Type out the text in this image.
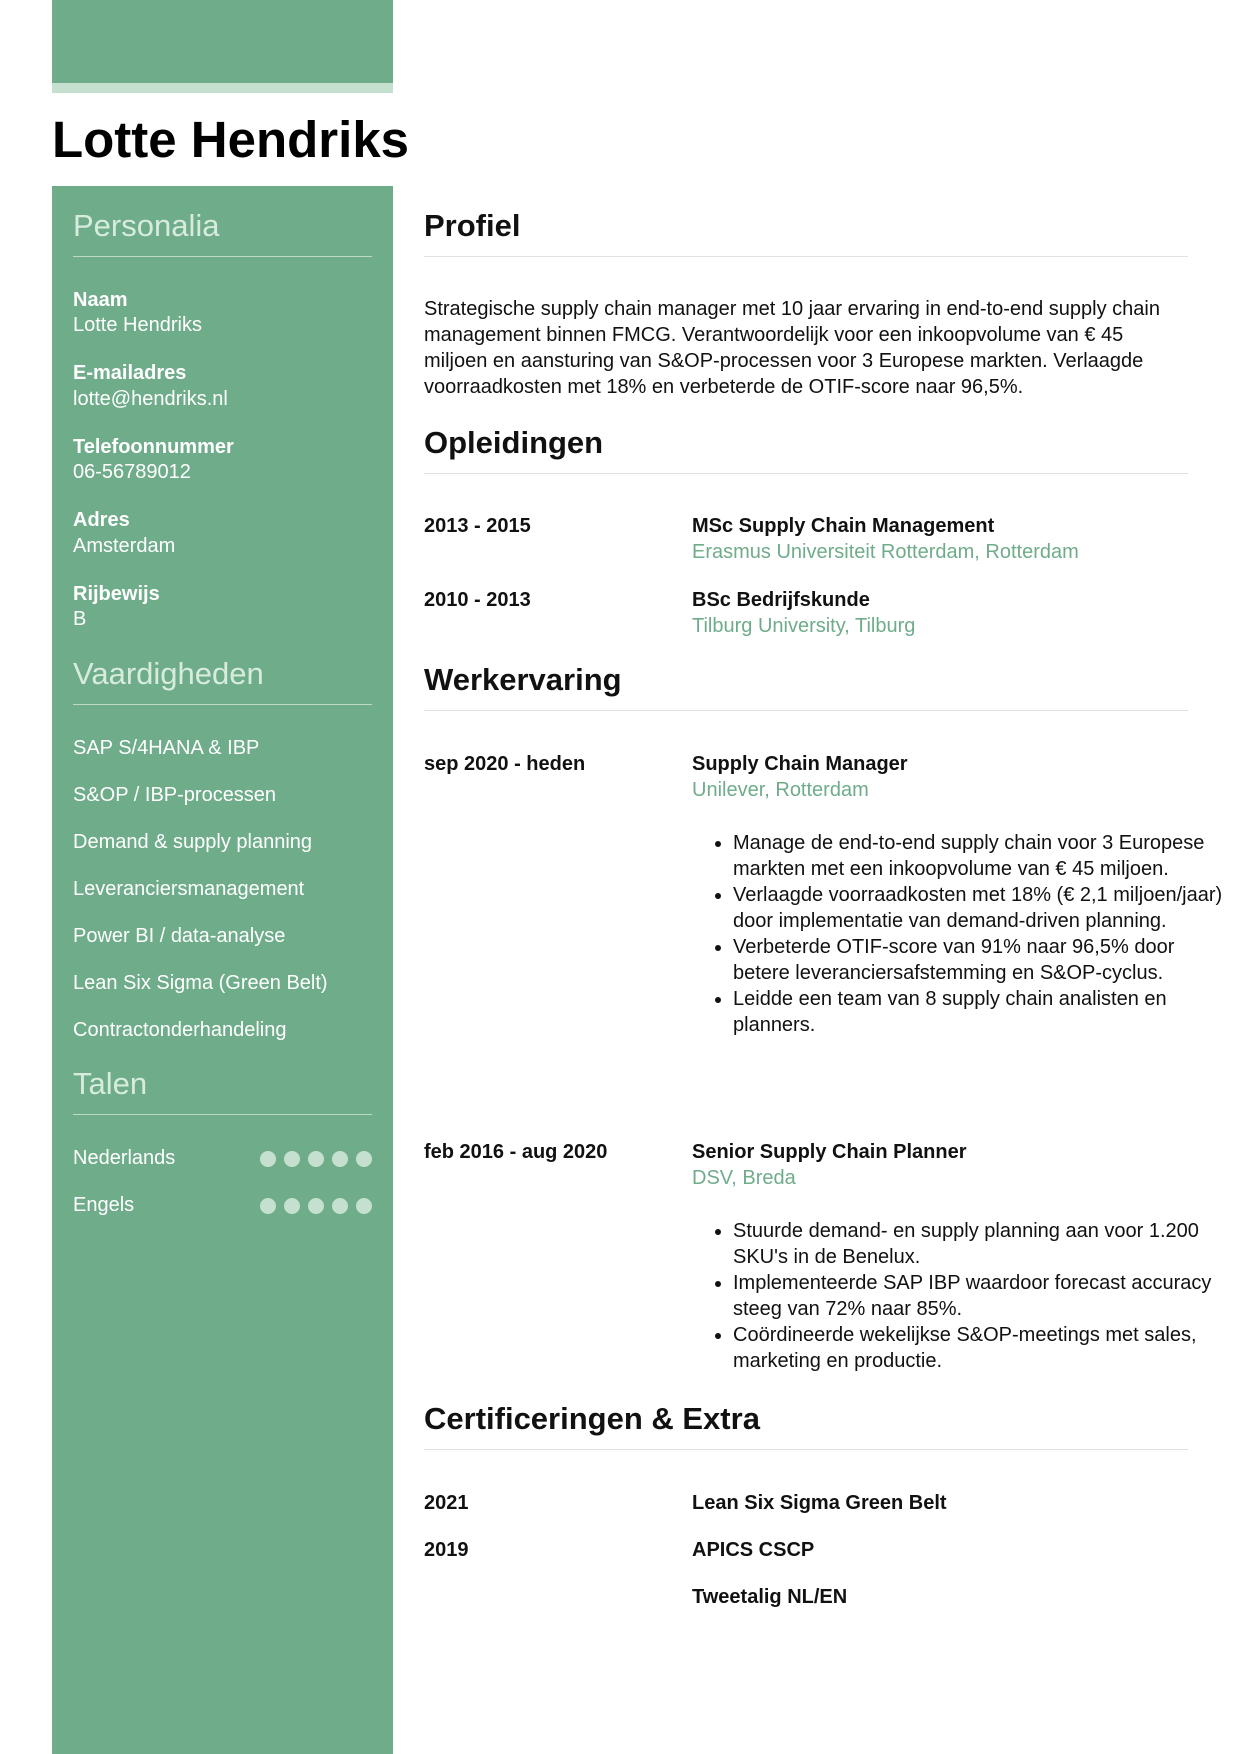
Lotte Hendriks
Personalia
Naam
Lotte Hendriks
E-mailadres
lotte@hendriks.nl
Telefoonnummer
06-56789012
Adres
Amsterdam
Rijbewijs
B
Vaardigheden
SAP S/4HANA & IBP
S&OP / IBP-processen
Demand & supply planning
Leveranciersmanagement
Power BI / data-analyse
Lean Six Sigma (Green Belt)
Contractonderhandeling
Talen
Nederlands
Engels
Profiel

Strategische supply chain manager met 10 jaar ervaring in end-to-end supply chain management binnen FMCG. Verantwoordelijk voor een inkoopvolume van € 45 miljoen en aansturing van S&OP-processen voor 3 Europese markten. Verlaagde voorraadkosten met 18% en verbeterde de OTIF-score naar 96,5%.

Opleidingen
2013 - 2015	MSc Supply Chain Management
Erasmus Universiteit Rotterdam, Rotterdam
2010 - 2013	BSc Bedrijfskunde
Tilburg University, Tilburg
Werkervaring
sep 2020 - heden	Supply Chain Manager
Unilever, Rotterdam
• Manage de end-to-end supply chain voor 3 Europese markten met een inkoopvolume van € 45 miljoen.
• Verlaagde voorraadkosten met 18% (€ 2,1 miljoen/jaar) door implementatie van demand-driven planning.
• Verbeterde OTIF-score van 91% naar 96,5% door betere leveranciersafstemming en S&OP-cyclus.
• Leidde een team van 8 supply chain analisten en planners.
feb 2016 - aug 2020	Senior Supply Chain Planner
DSV, Breda
• Stuurde demand- en supply planning aan voor 1.200 SKU's in de Benelux.
• Implementeerde SAP IBP waardoor forecast accuracy steeg van 72% naar 85%.
• Coördineerde wekelijkse S&OP-meetings met sales, marketing en productie.
Certificeringen & Extra
2021	Lean Six Sigma Green Belt
2019	APICS CSCP
Tweetalig NL/EN
